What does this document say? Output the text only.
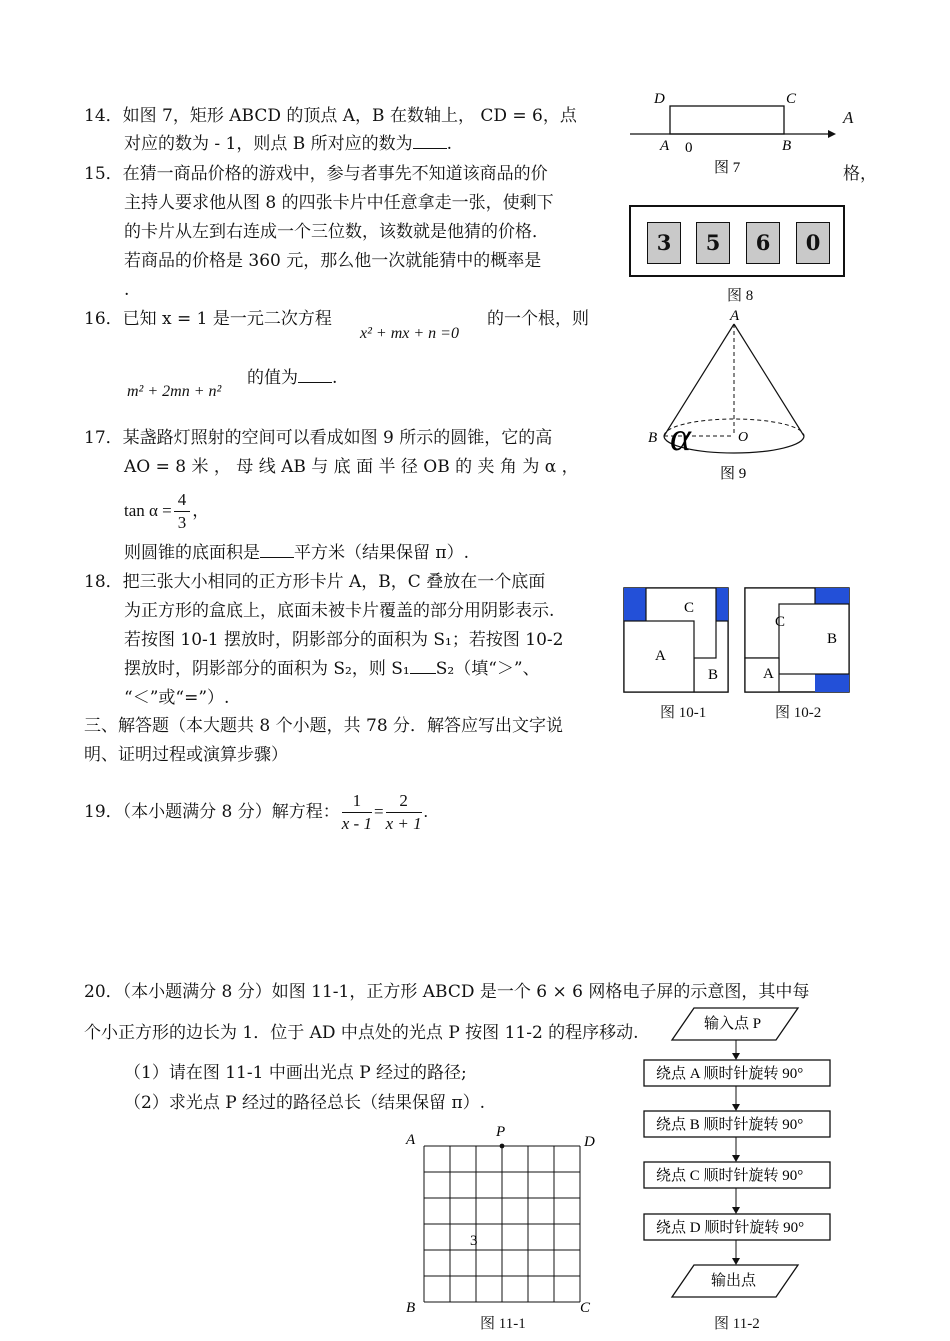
14．如图 7，矩形 ABCD 的顶点 A，B 在数轴上， CD = 6，点
对应的数为 - 1，则点 B 所对应的数为 .
A
D	C
A 0	B
图 7
15．在猜一商品价格的游戏中，参与者事先不知道该商品的价	格，
主持人要求他从图 8 的四张卡片中任意拿走一张，使剩下
的卡片从左到右连成一个三位数，该数就是他猜的价格．
若商品的价格是 360 元，那么他一次就能猜中的概率是
.
3	5	6	0
图 8
16．已知 x = 1 是一元二次方程
x² + mx + n =0
的一个根，则
m² + 2mn + n²
的值为 .
A
B α	O
图 9
17．某盏路灯照射的空间可以看成如图 9 所示的圆锥，它的高
AO = 8 米 ， 母 线 AB 与 底 面 半 径 OB 的 夹 角 为 α ，
$\tan \alpha = \frac{4}{3}$ ，
则圆锥的底面积是 平方米（结果保留 π）.
18．把三张大小相同的正方形卡片 A，B，C 叠放在一个底面
为正方形的盒底上，底面未被卡片覆盖的部分用阴影表示.
若按图 10-1 摆放时，阴影部分的面积为 S₁；若按图 10-2
摆放时，阴影部分的面积为 S₂，则 S₁ S₂（填“＞”、
“＜”或“=”）.
C
A
B
图 10-1
C
B
A
图 10-2
三、解答题（本大题共 8 个小题，共 78 分．解答应写出文字说
明、证明过程或演算步骤）
19．（本小题满分 8 分）解方程： $\frac{1}{x - 1} = \frac{2}{x + 1}$ .
20．（本小题满分 8 分）如图 11-1，正方形 ABCD 是一个 6 × 6 网格电子屏的示意图，其中每
个小正方形的边长为 1．位于 AD 中点处的光点 P 按图 11-2 的程序移动.
（1）请在图 11-1 中画出光点 P 经过的路径;
（2）求光点 P 经过的路径总长（结果保留 π）.
A	P
D
B	C
3
图 11-1
输入点 P
绕点 A 顺时针旋转 90°
绕点 B 顺时针旋转 90°
绕点 C 顺时针旋转 90°
绕点 D 顺时针旋转 90°
输出点
图 11-2
